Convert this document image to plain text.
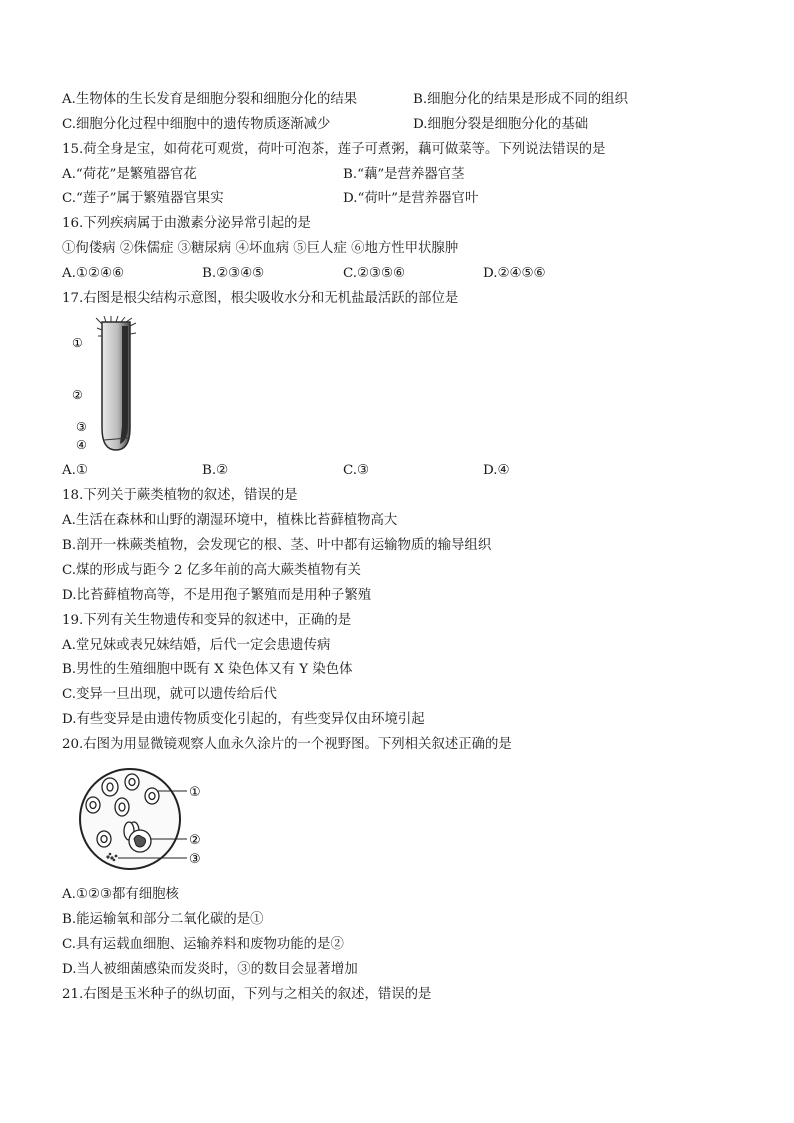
A.生物体的生长发育是细胞分裂和细胞分化的结果	B.细胞分化的结果是形成不同的组织
C.细胞分化过程中细胞中的遗传物质逐渐减少	D.细胞分裂是细胞分化的基础
15.荷全身是宝，如荷花可观赏，荷叶可泡茶，莲子可煮粥，藕可做菜等。下列说法错误的是
A.“荷花”是繁殖器官花	B.“藕”是营养器官茎
C.“莲子”属于繁殖器官果实	D.“荷叶”是营养器官叶
16.下列疾病属于由激素分泌异常引起的是
①佝偻病 ②侏儒症 ③糖尿病 ④坏血病 ⑤巨人症 ⑥地方性甲状腺肿
A.①②④⑥	B.②③④⑤	C.②③⑤⑥	D.②④⑤⑥
17.右图是根尖结构示意图，根尖吸收水分和无机盐最活跃的部位是
①
②
③
④
A.①	B.②	C.③	D.④
18.下列关于蕨类植物的叙述，错误的是
A.生活在森林和山野的潮湿环境中，植株比苔藓植物高大
B.剖开一株蕨类植物，会发现它的根、茎、叶中都有运输物质的输导组织
C.煤的形成与距今 2 亿多年前的高大蕨类植物有关
D.比苔藓植物高等，不是用孢子繁殖而是用种子繁殖
19.下列有关生物遗传和变异的叙述中，正确的是
A.堂兄妹或表兄妹结婚，后代一定会患遗传病
B.男性的生殖细胞中既有 X 染色体又有 Y 染色体
C.变异一旦出现，就可以遗传给后代
D.有些变异是由遗传物质变化引起的，有些变异仅由环境引起
20.右图为用显微镜观察人血永久涂片的一个视野图。下列相关叙述正确的是
①
②
③
A.①②③都有细胞核
B.能运输氧和部分二氧化碳的是①
C.具有运载血细胞、运输养料和废物功能的是②
D.当人被细菌感染而发炎时，③的数目会显著增加
21.右图是玉米种子的纵切面，下列与之相关的叙述，错误的是
